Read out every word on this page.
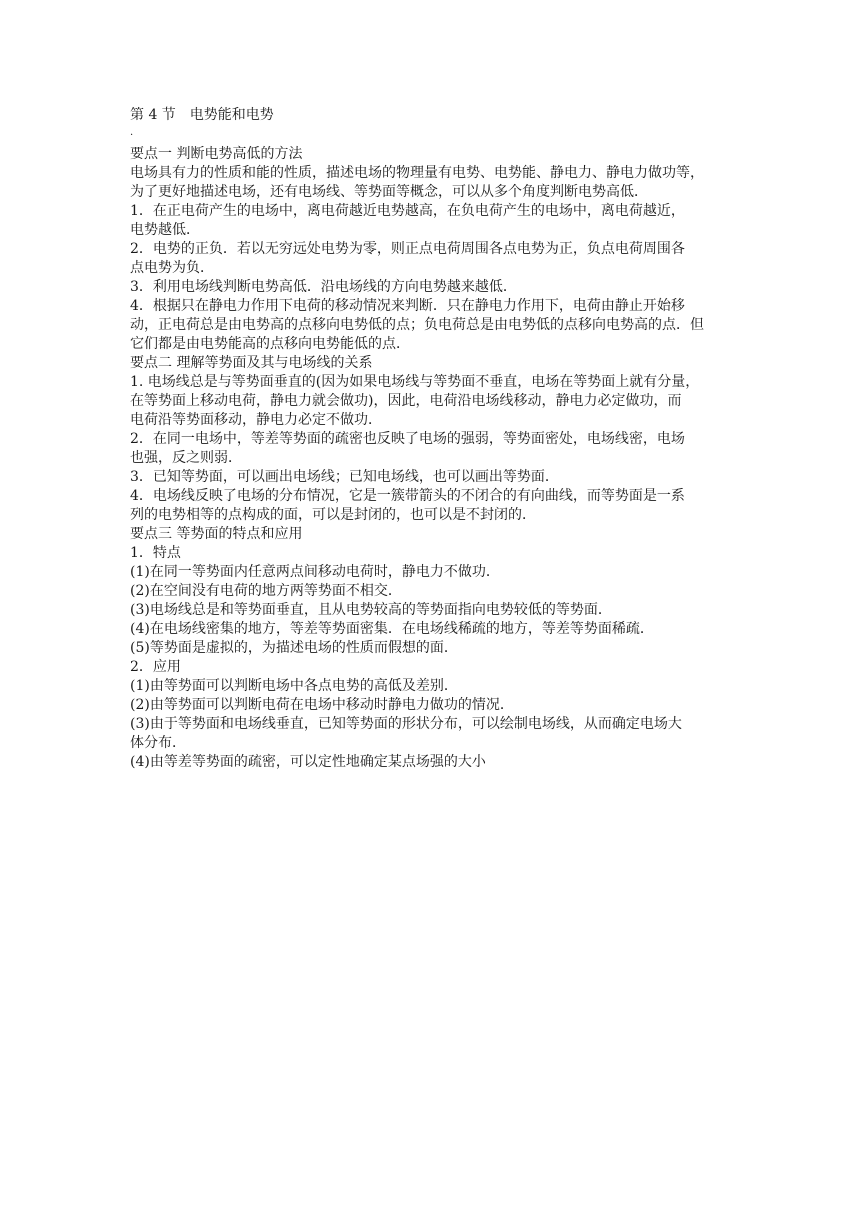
第 4 节　电势能和电势
.
要点一 判断电势高低的方法
电场具有力的性质和能的性质，描述电场的物理量有电势、电势能、静电力、静电力做功等，
为了更好地描述电场，还有电场线、等势面等概念，可以从多个角度判断电势高低．
1．在正电荷产生的电场中，离电荷越近电势越高，在负电荷产生的电场中，离电荷越近，
电势越低．
2．电势的正负．若以无穷远处电势为零，则正点电荷周围各点电势为正，负点电荷周围各
点电势为负．
3．利用电场线判断电势高低．沿电场线的方向电势越来越低．
4．根据只在静电力作用下电荷的移动情况来判断．只在静电力作用下，电荷由静止开始移
动，正电荷总是由电势高的点移向电势低的点；负电荷总是由电势低的点移向电势高的点．但
它们都是由电势能高的点移向电势能低的点．
要点二 理解等势面及其与电场线的关系
1. 电场线总是与等势面垂直的(因为如果电场线与等势面不垂直，电场在等势面上就有分量，
在等势面上移动电荷，静电力就会做功)，因此，电荷沿电场线移动，静电力必定做功，而
电荷沿等势面移动，静电力必定不做功．
2．在同一电场中，等差等势面的疏密也反映了电场的强弱，等势面密处，电场线密，电场
也强，反之则弱．
3．已知等势面，可以画出电场线；已知电场线，也可以画出等势面．
4．电场线反映了电场的分布情况，它是一簇带箭头的不闭合的有向曲线，而等势面是一系
列的电势相等的点构成的面，可以是封闭的，也可以是不封闭的．
要点三 等势面的特点和应用
1．特点
(1)在同一等势面内任意两点间移动电荷时，静电力不做功．
(2)在空间没有电荷的地方两等势面不相交．
(3)电场线总是和等势面垂直，且从电势较高的等势面指向电势较低的等势面．
(4)在电场线密集的地方，等差等势面密集．在电场线稀疏的地方，等差等势面稀疏．
(5)等势面是虚拟的，为描述电场的性质而假想的面．
2．应用
(1)由等势面可以判断电场中各点电势的高低及差别．
(2)由等势面可以判断电荷在电场中移动时静电力做功的情况．
(3)由于等势面和电场线垂直，已知等势面的形状分布，可以绘制电场线，从而确定电场大
体分布．
(4)由等差等势面的疏密，可以定性地确定某点场强的大小
